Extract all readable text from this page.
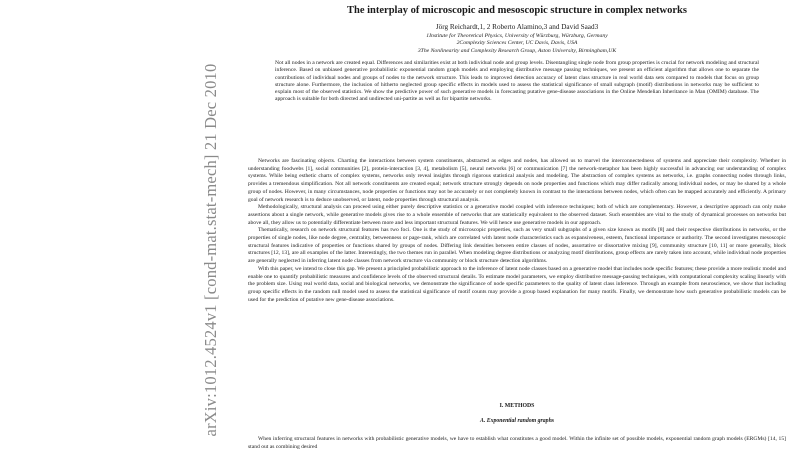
arXiv:1012.4524v1 [cond-mat.stat-mech] 21 Dec 2010
The interplay of microscopic and mesoscopic structure in complex networks
Jörg Reichardt,1, 2 Roberto Alamino,3 and David Saad3
1Institute for Theoretical Physics, University of Würzburg, Würzburg, Germany
2Complexity Sciences Center, UC Davis, Davis, USA
3The Nonlinearity and Complexity Research Group, Aston University, Birmingham,UK

Not all nodes in a network are created equal. Differences and similarities exist at both individual node and group levels. Disentangling single node from group properties is crucial for network modeling and structural inference. Based on unbiased generative probabilistic exponential random graph models and employing distributive message passing techniques, we present an efficient algorithm that allows one to separate the contributions of individual nodes and groups of nodes to the network structure. This leads to improved detection accuracy of latent class structure in real world data sets compared to models that focus on group structure alone. Furthermore, the inclusion of hitherto neglected group specific effects in models used to assess the statistical significance of small subgraph (motif) distributions in networks may be sufficient to explain most of the observed statistics. We show the predictive power of such generative models in forecasting putative gene-disease associations in the Online Mendelian Inheritance in Man (OMIM) database. The approach is suitable for both directed and undirected uni-partite as well as for bipartite networks.

Networks are fascinating objects. Charting the interactions between system constituents, abstracted as edges and nodes, has allowed us to marvel the interconnectedness of systems and appreciate their complexity. Whether in understanding foodwebs [1], social communities [2], protein-interaction [3, 4], metabolism [5], neural networks [6] or communication [7] the network-metaphor has been highly successful in advancing our understanding of complex systems. While being esthetic charts of complex systems, networks only reveal insights through rigorous statistical analysis and modeling. The abstraction of complex systems as networks, i.e. graphs connecting nodes through links, provides a tremendous simplification. Not all network constituents are created equal; network structure strongly depends on node properties and functions which may differ radically among individual nodes, or may be shared by a whole group of nodes. However, in many circumstances, node properties or functions may not be accurately or not completely known in contrast to the interactions between nodes, which often can be mapped accurately and efficiently. A primary goal of network research is to deduce unobserved, or latent, node properties through structural analysis.

Methodologically, structural analysis can proceed using either purely descriptive statistics or a generative model coupled with inference techniques; both of which are complementary. However, a descriptive approach can only make assertions about a single network, while generative models gives rise to a whole ensemble of networks that are statistically equivalent to the observed dataset. Such ensembles are vital to the study of dynamical processes on networks but above all, they allow us to potentially differentiate between more and less important structural features. We will hence use generative models in our approach.

Thematically, research on network structural features has two foci. One is the study of microscopic properties, such as very small subgraphs of a given size known as motifs [8] and their respective distributions in networks, or the properties of single nodes, like node degree, centrality, betweenness or page-rank, which are correlated with latent node characteristics such as expansiveness, esteem, functional importance or authority. The second investigates mesoscopic structural features indicative of properties or functions shared by groups of nodes. Differing link densities between entire classes of nodes, assortative or dissortative mixing [9], community structure [10, 11] or more generally, block structures [12, 13], are all examples of the latter. Interestingly, the two themes run in parallel. When modeling degree distributions or analyzing motif distributions, group effects are rarely taken into account, while individual node properties are generally neglected in inferring latent node classes from network structure via community or block structure detection algorithms.

With this paper, we intend to close this gap. We present a principled probabilistic approach to the inference of latent node classes based on a generative model that includes node specific features; these provide a more realistic model and enable one to quantify probabilistic measures and confidence levels of the observed structural details. To estimate model parameters, we employ distributive message-passing techniques, with computational complexity scaling linearly with the problem size. Using real world data, social and biological networks, we demonstrate the significance of node specific parameters to the quality of latent class inference. Through an example from neuroscience, we show that including group specific effects in the random null model used to assess the statistical significance of motif counts may provide a group based explanation for many motifs. Finally, we demonstrate how such generative probabilistic models can be used for the prediction of putative new gene-disease associations.

I. METHODS
A. Exponential random graphs

When inferring structural features in networks with probabilistic generative models, we have to establish what constitutes a good model. Within the infinite set of possible models, exponential random graph models (ERGMs) [14, 15] stand out as combining desired
